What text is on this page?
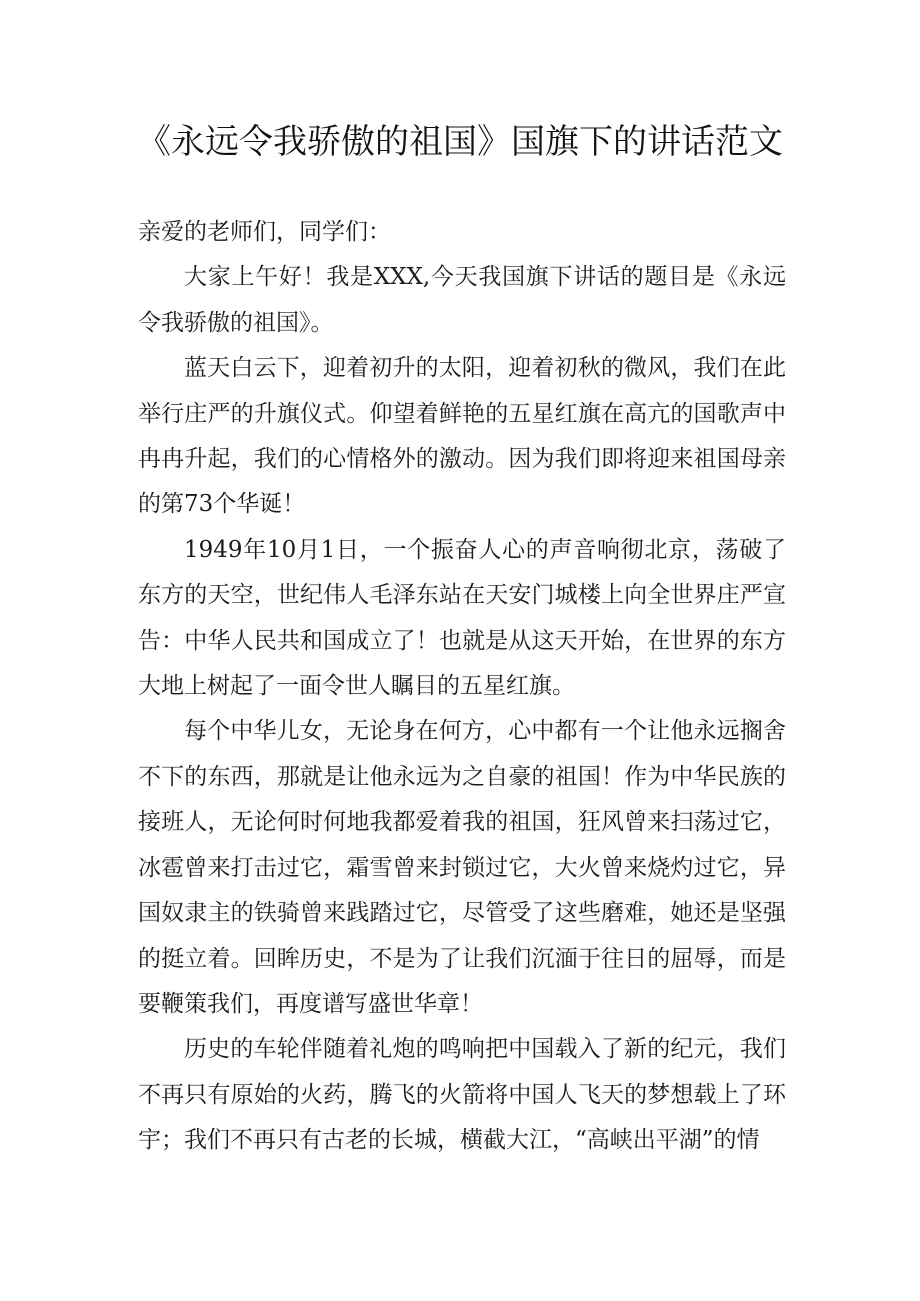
《永远令我骄傲的祖国》国旗下的讲话范文

亲爱的老师们，同学们：

大家上午好！我是XXX,今天我国旗下讲话的题目是《永远令我骄傲的祖国》。

蓝天白云下，迎着初升的太阳，迎着初秋的微风，我们在此举行庄严的升旗仪式。仰望着鲜艳的五星红旗在高亢的国歌声中冉冉升起，我们的心情格外的激动。因为我们即将迎来祖国母亲的第73个华诞！

1949年10月1日，一个振奋人心的声音响彻北京，荡破了东方的天空，世纪伟人毛泽东站在天安门城楼上向全世界庄严宣告：中华人民共和国成立了！也就是从这天开始，在世界的东方大地上树起了一面令世人瞩目的五星红旗。

每个中华儿女，无论身在何方，心中都有一个让他永远搁舍不下的东西，那就是让他永远为之自豪的祖国！作为中华民族的接班人，无论何时何地我都爱着我的祖国，狂风曾来扫荡过它，冰雹曾来打击过它，霜雪曾来封锁过它，大火曾来烧灼过它，异国奴隶主的铁骑曾来践踏过它，尽管受了这些磨难，她还是坚强的挺立着。回眸历史，不是为了让我们沉湎于往日的屈辱，而是要鞭策我们，再度谱写盛世华章！

历史的车轮伴随着礼炮的鸣响把中国载入了新的纪元，我们不再只有原始的火药，腾飞的火箭将中国人飞天的梦想载上了环宇；我们不再只有古老的长城，横截大江，“高峡出平湖”的情
